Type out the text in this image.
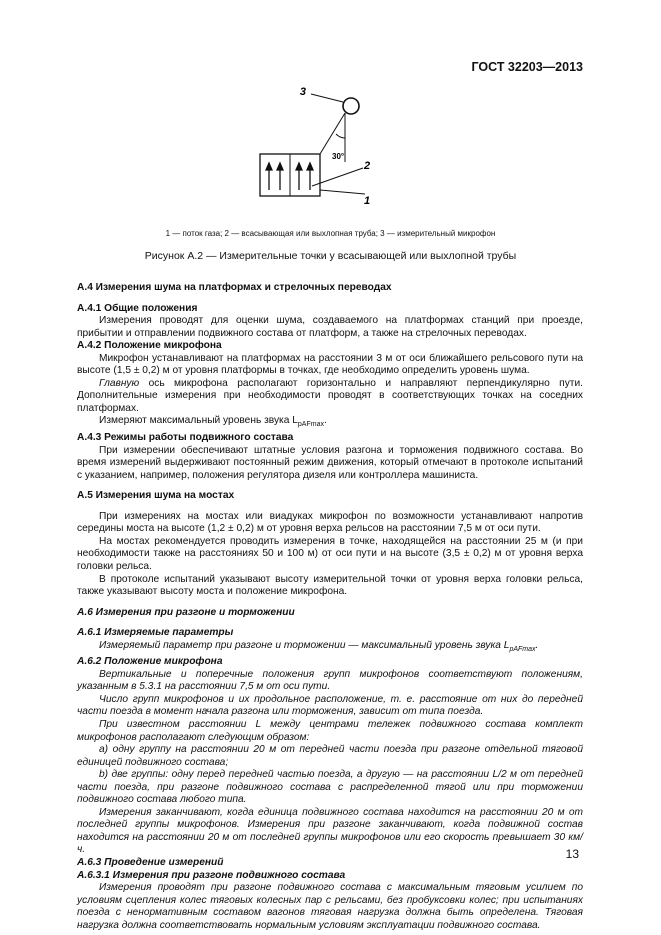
ГОСТ 32203—2013
3
30°
2
1
1 — поток газа; 2 — всасывающая или выхлопная труба; 3 — измерительный микрофон
Рисунок А.2 — Измерительные точки у всасывающей или выхлопной трубы
А.4 Измерения шума на платформах и стрелочных переводах
А.4.1 Общие положения

Измерения проводят для оценки шума, создаваемого на платформах станций при проезде, прибытии и отправлении подвижного состава от платформ, а также на стрелочных переводах.

А.4.2 Положение микрофона

Микрофон устанавливают на платформах на расстоянии 3 м от оси ближайшего рельсового пути на высоте (1,5 ± 0,2) м от уровня платформы в точках, где необходимо определить уровень шума.

Главную ось микрофона располагают горизонтально и направляют перпендикулярно пути. Дополнительные измерения при необходимости проводят в соответствующих точках на соседних платформах.

Измеряют максимальный уровень звука $L_{pAFmax}$.

А.4.3 Режимы работы подвижного состава

При измерении обеспечивают штатные условия разгона и торможения подвижного состава. Во время измерений выдерживают постоянный режим движения, который отмечают в протоколе испытаний с указанием, например, положения регулятора дизеля или контроллера машиниста.

А.5 Измерения шума на мостах

При измерениях на мостах или виадуках микрофон по возможности устанавливают напротив середины моста на высоте (1,2 ± 0,2) м от уровня верха рельсов на расстоянии 7,5 м от оси пути.

На мостах рекомендуется проводить измерения в точке, находящейся на расстоянии 25 м (и при необходимости также на расстояниях 50 и 100 м) от оси пути и на высоте (3,5 ± 0,2) м от уровня верха головки рельса.

В протоколе испытаний указывают высоту измерительной точки от уровня верха головки рельса, также указывают высоту моста и положение микрофона.

А.6 Измерения при разгоне и торможении
А.6.1 Измеряемые параметры

Измеряемый параметр при разгоне и торможении — максимальный уровень звука $L_{pAFmax}$.

А.6.2 Положение микрофона

Вертикальные и поперечные положения групп микрофонов соответствуют положениям, указанным в 5.3.1 на расстоянии 7,5 м от оси пути.

Число групп микрофонов и их продольное расположение, т. е. расстояние от них до передней части поезда в момент начала разгона или торможения, зависит от типа поезда.

При известном расстоянии L между центрами тележек подвижного состава комплект микрофонов располагают следующим образом:

а) одну группу на расстоянии 20 м от передней части поезда при разгоне отдельной тяговой единицей подвижного состава;

b) две группы: одну перед передней частью поезда, а другую — на расстоянии L/2 м от передней части поезда, при разгоне подвижного состава с распределенной тягой или при торможении подвижного состава любого типа.

Измерения заканчивают, когда единица подвижного состава находится на расстоянии 20 м от последней группы микрофонов. Измерения при разгоне заканчивают, когда подвижной состав находится на расстоянии 20 м от последней группы микрофонов или его скорость превышает 30 км/ч.

А.6.3 Проведение измерений
А.6.3.1 Измерения при разгоне подвижного состава

Измерения проводят при разгоне подвижного состава с максимальным тяговым усилием по условиям сцепления колес тяговых колесных пар с рельсами, без пробуксовки колес; при испытаниях поезда с ненормативным составом вагонов тяговая нагрузка должна быть определена. Тяговая нагрузка должна соответствовать нормальным условиям эксплуатации подвижного состава.

13
